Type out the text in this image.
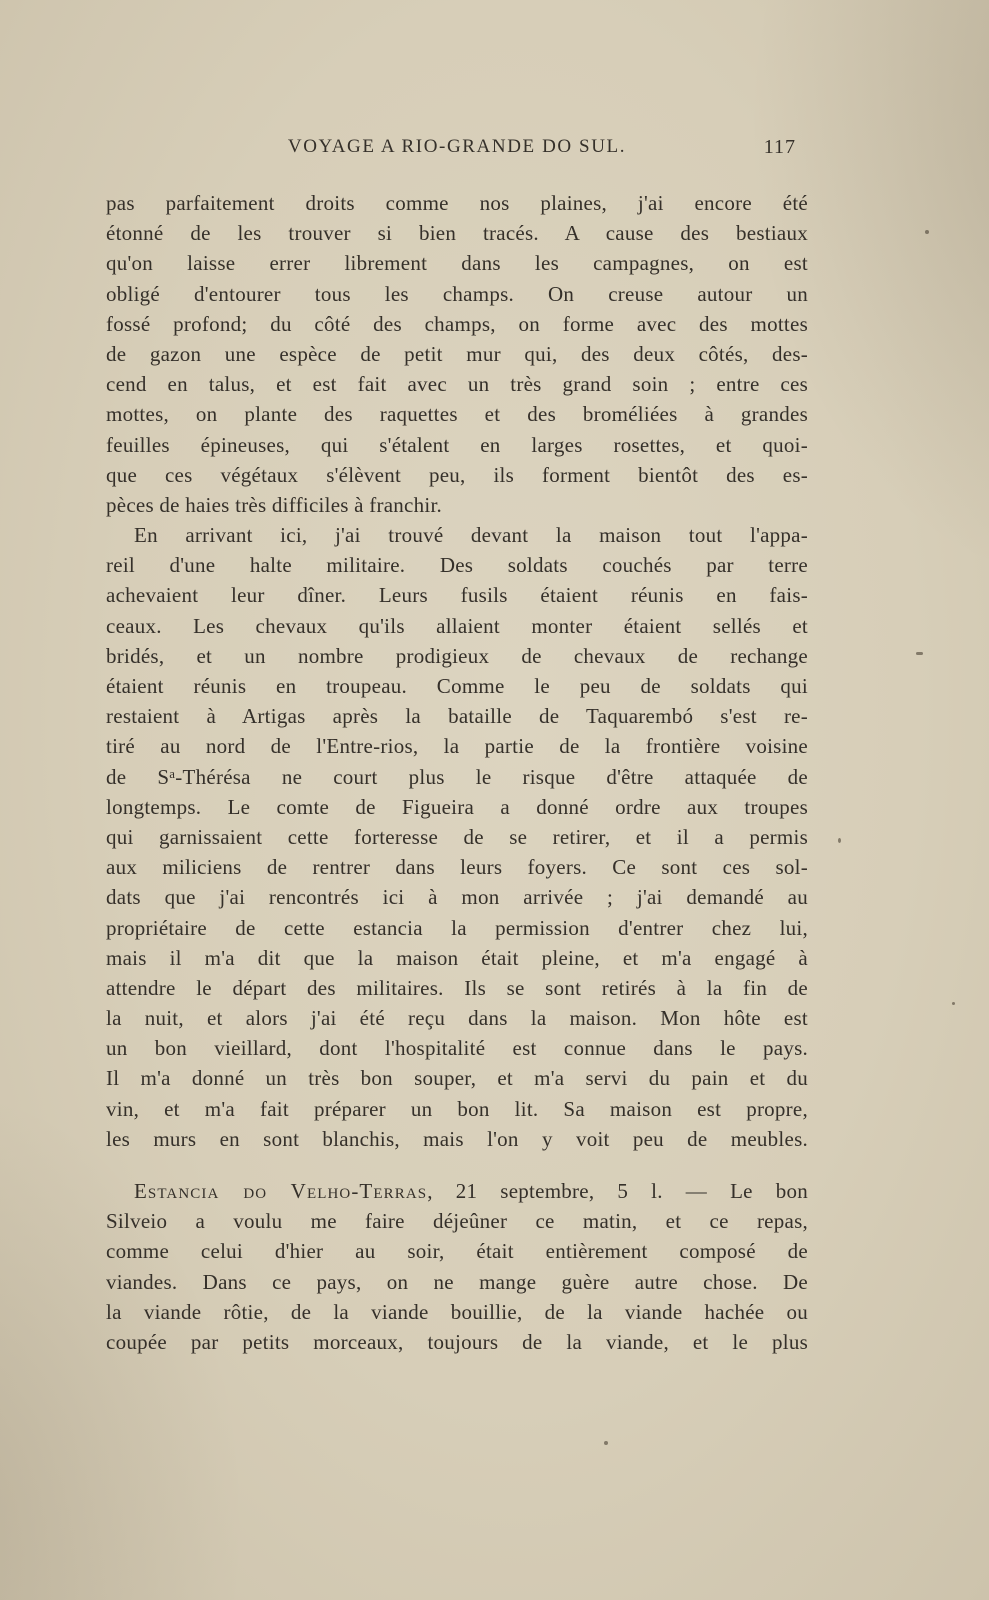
VOYAGE A RIO-GRANDE DO SUL.	117
pas parfaitement droits comme nos plaines, j'ai encore été
étonné de les trouver si bien tracés. A cause des bestiaux
qu'on laisse errer librement dans les campagnes, on est
obligé d'entourer tous les champs. On creuse autour un
fossé profond; du côté des champs, on forme avec des mottes
de gazon une espèce de petit mur qui, des deux côtés, des-
cend en talus, et est fait avec un très grand soin ; entre ces
mottes, on plante des raquettes et des broméliées à grandes
feuilles épineuses, qui s'étalent en larges rosettes, et quoi-
que ces végétaux s'élèvent peu, ils forment bientôt des es-
pèces de haies très difficiles à franchir.
En arrivant ici, j'ai trouvé devant la maison tout l'appa-
reil d'une halte militaire. Des soldats couchés par terre
achevaient leur dîner. Leurs fusils étaient réunis en fais-
ceaux. Les chevaux qu'ils allaient monter étaient sellés et
bridés, et un nombre prodigieux de chevaux de rechange
étaient réunis en troupeau. Comme le peu de soldats qui
restaient à Artigas après la bataille de Taquarembó s'est re-
tiré au nord de l'Entre-rios, la partie de la frontière voisine
de Sᵃ-Thérésa ne court plus le risque d'être attaquée de
longtemps. Le comte de Figueira a donné ordre aux troupes
qui garnissaient cette forteresse de se retirer, et il a permis
aux miliciens de rentrer dans leurs foyers. Ce sont ces sol-
dats que j'ai rencontrés ici à mon arrivée ; j'ai demandé au
propriétaire de cette estancia la permission d'entrer chez lui,
mais il m'a dit que la maison était pleine, et m'a engagé à
attendre le départ des militaires. Ils se sont retirés à la fin de
la nuit, et alors j'ai été reçu dans la maison. Mon hôte est
un bon vieillard, dont l'hospitalité est connue dans le pays.
Il m'a donné un très bon souper, et m'a servi du pain et du
vin, et m'a fait préparer un bon lit. Sa maison est propre,
les murs en sont blanchis, mais l'on y voit peu de meubles.
Estancia do Velho-Terras, 21 septembre, 5 l. — Le bon
Silveio a voulu me faire déjeûner ce matin, et ce repas,
comme celui d'hier au soir, était entièrement composé de
viandes. Dans ce pays, on ne mange guère autre chose. De
la viande rôtie, de la viande bouillie, de la viande hachée ou
coupée par petits morceaux, toujours de la viande, et le plus
